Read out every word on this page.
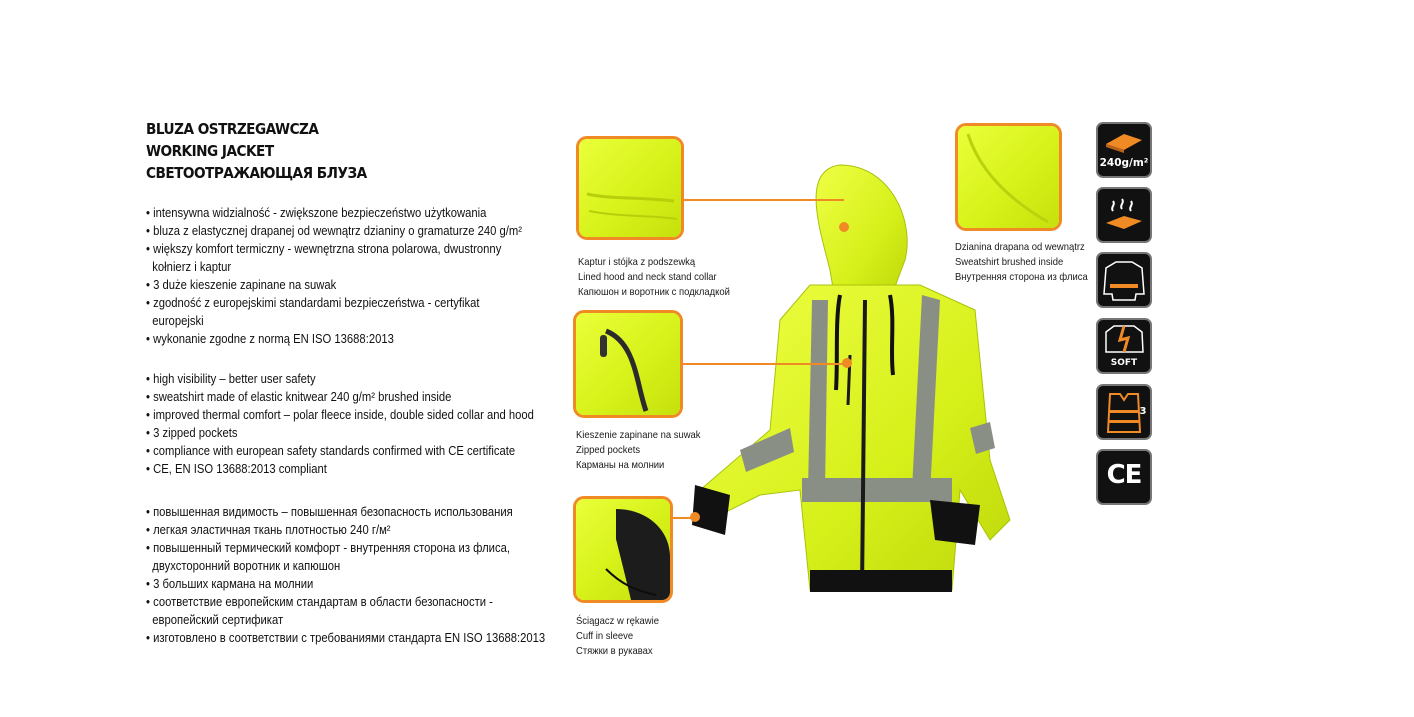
BLUZA OSTRZEGAWCZA
WORKING JACKET
СВЕТООТРАЖАЮЩАЯ БЛУЗА
• intensywna widzialność - zwiększone bezpieczeństwo użytkowania
• bluza z elastycznej drapanej od wewnątrz dzianiny o gramaturze 240 g/m²
• większy komfort termiczny - wewnętrzna strona polarowa, dwustronny
kołnierz i kaptur
• 3 duże kieszenie zapinane na suwak
• zgodność z europejskimi standardami bezpieczeństwa - certyfikat
europejski
• wykonanie zgodne z normą EN ISO 13688:2013
• high visibility – better user safety
• sweatshirt made of elastic knitwear 240 g/m² brushed inside
• improved thermal comfort – polar fleece inside, double sided collar and hood
• 3 zipped pockets
• compliance with european safety standards confirmed with CE certificate
• CE, EN ISO 13688:2013 compliant
• повышенная видимость – повышенная безопасность использования
• легкая эластичная ткань плотностью 240 г/м²
• повышенный термический комфорт - внутренняя сторона из флиса,
двухсторонний воротник и капюшон
• 3 больших кармана на молнии
• соответствие европейским стандартам в области безопасности -
европейский сертификат
• изготовлено в соответствии с требованиями стандарта EN ISO 13688:2013
Kaptur i stójka z podszewką
Lined hood and neck stand collar
Капюшон и воротник с подкладкой
Kieszenie zapinane na suwak
Zipped pockets
Карманы на молнии
Ściągacz w rękawie
Cuff in sleeve
Стяжки в рукавах
Dzianina drapana od wewnątrz
Sweatshirt brushed inside
Внутренняя сторона из флиса
240g/m²
SOFT
3
CE
